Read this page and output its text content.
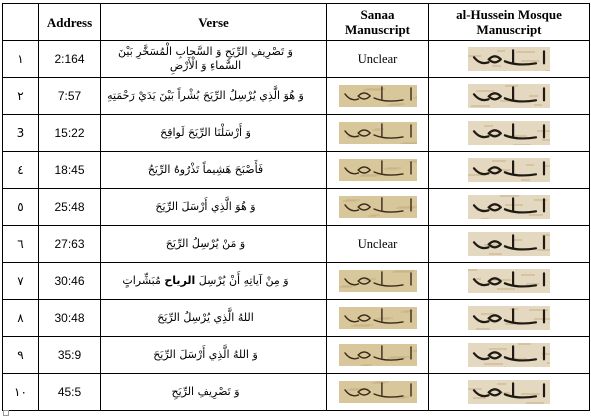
	Address	Verse	Sanaa Manuscript	al-Hussein Mosque Manuscript
١	2:164	وَ تَصْرِيفِ الرِّيَحِ وَ السَّحابِ الْمُسَخَّرِ بَيْنَ السَّماءِ وَ الْأَرْضِ	Unclear	

٢	7:57	وَ هُوَ الَّذِي يُرْسِلُ الرِّيَحَ بُشْراً بَيْنَ يَدَيْ رَحْمَتِهِ	

3	15:22	وَ أَرْسَلْنَا الرِّيَحَ لَواقِحَ	

٤	18:45	فَأَصْبَحَ هَشِيماً تَذْرُوهُ الرِّيَحُ	

٥	25:48	وَ هُوَ الَّذِي أَرْسَلَ الرِّيَحَ	

٦	27:63	وَ مَنْ يُرْسِلُ الرِّيَحَ	Unclear	

٧	30:46	وَ مِنْ آياتِهِ أَنْ يُرْسِلَ الرياح مُبَشِّراتٍ	

٨	30:48	اللهُ الَّذِي يُرْسِلُ الرِّيَحَ	

٩	35:9	وَ اللهُ الَّذِي أَرْسَلَ الرِّيَحَ	

١٠	45:5	وَ تَصْرِيفِ الرِّيَحِ	
